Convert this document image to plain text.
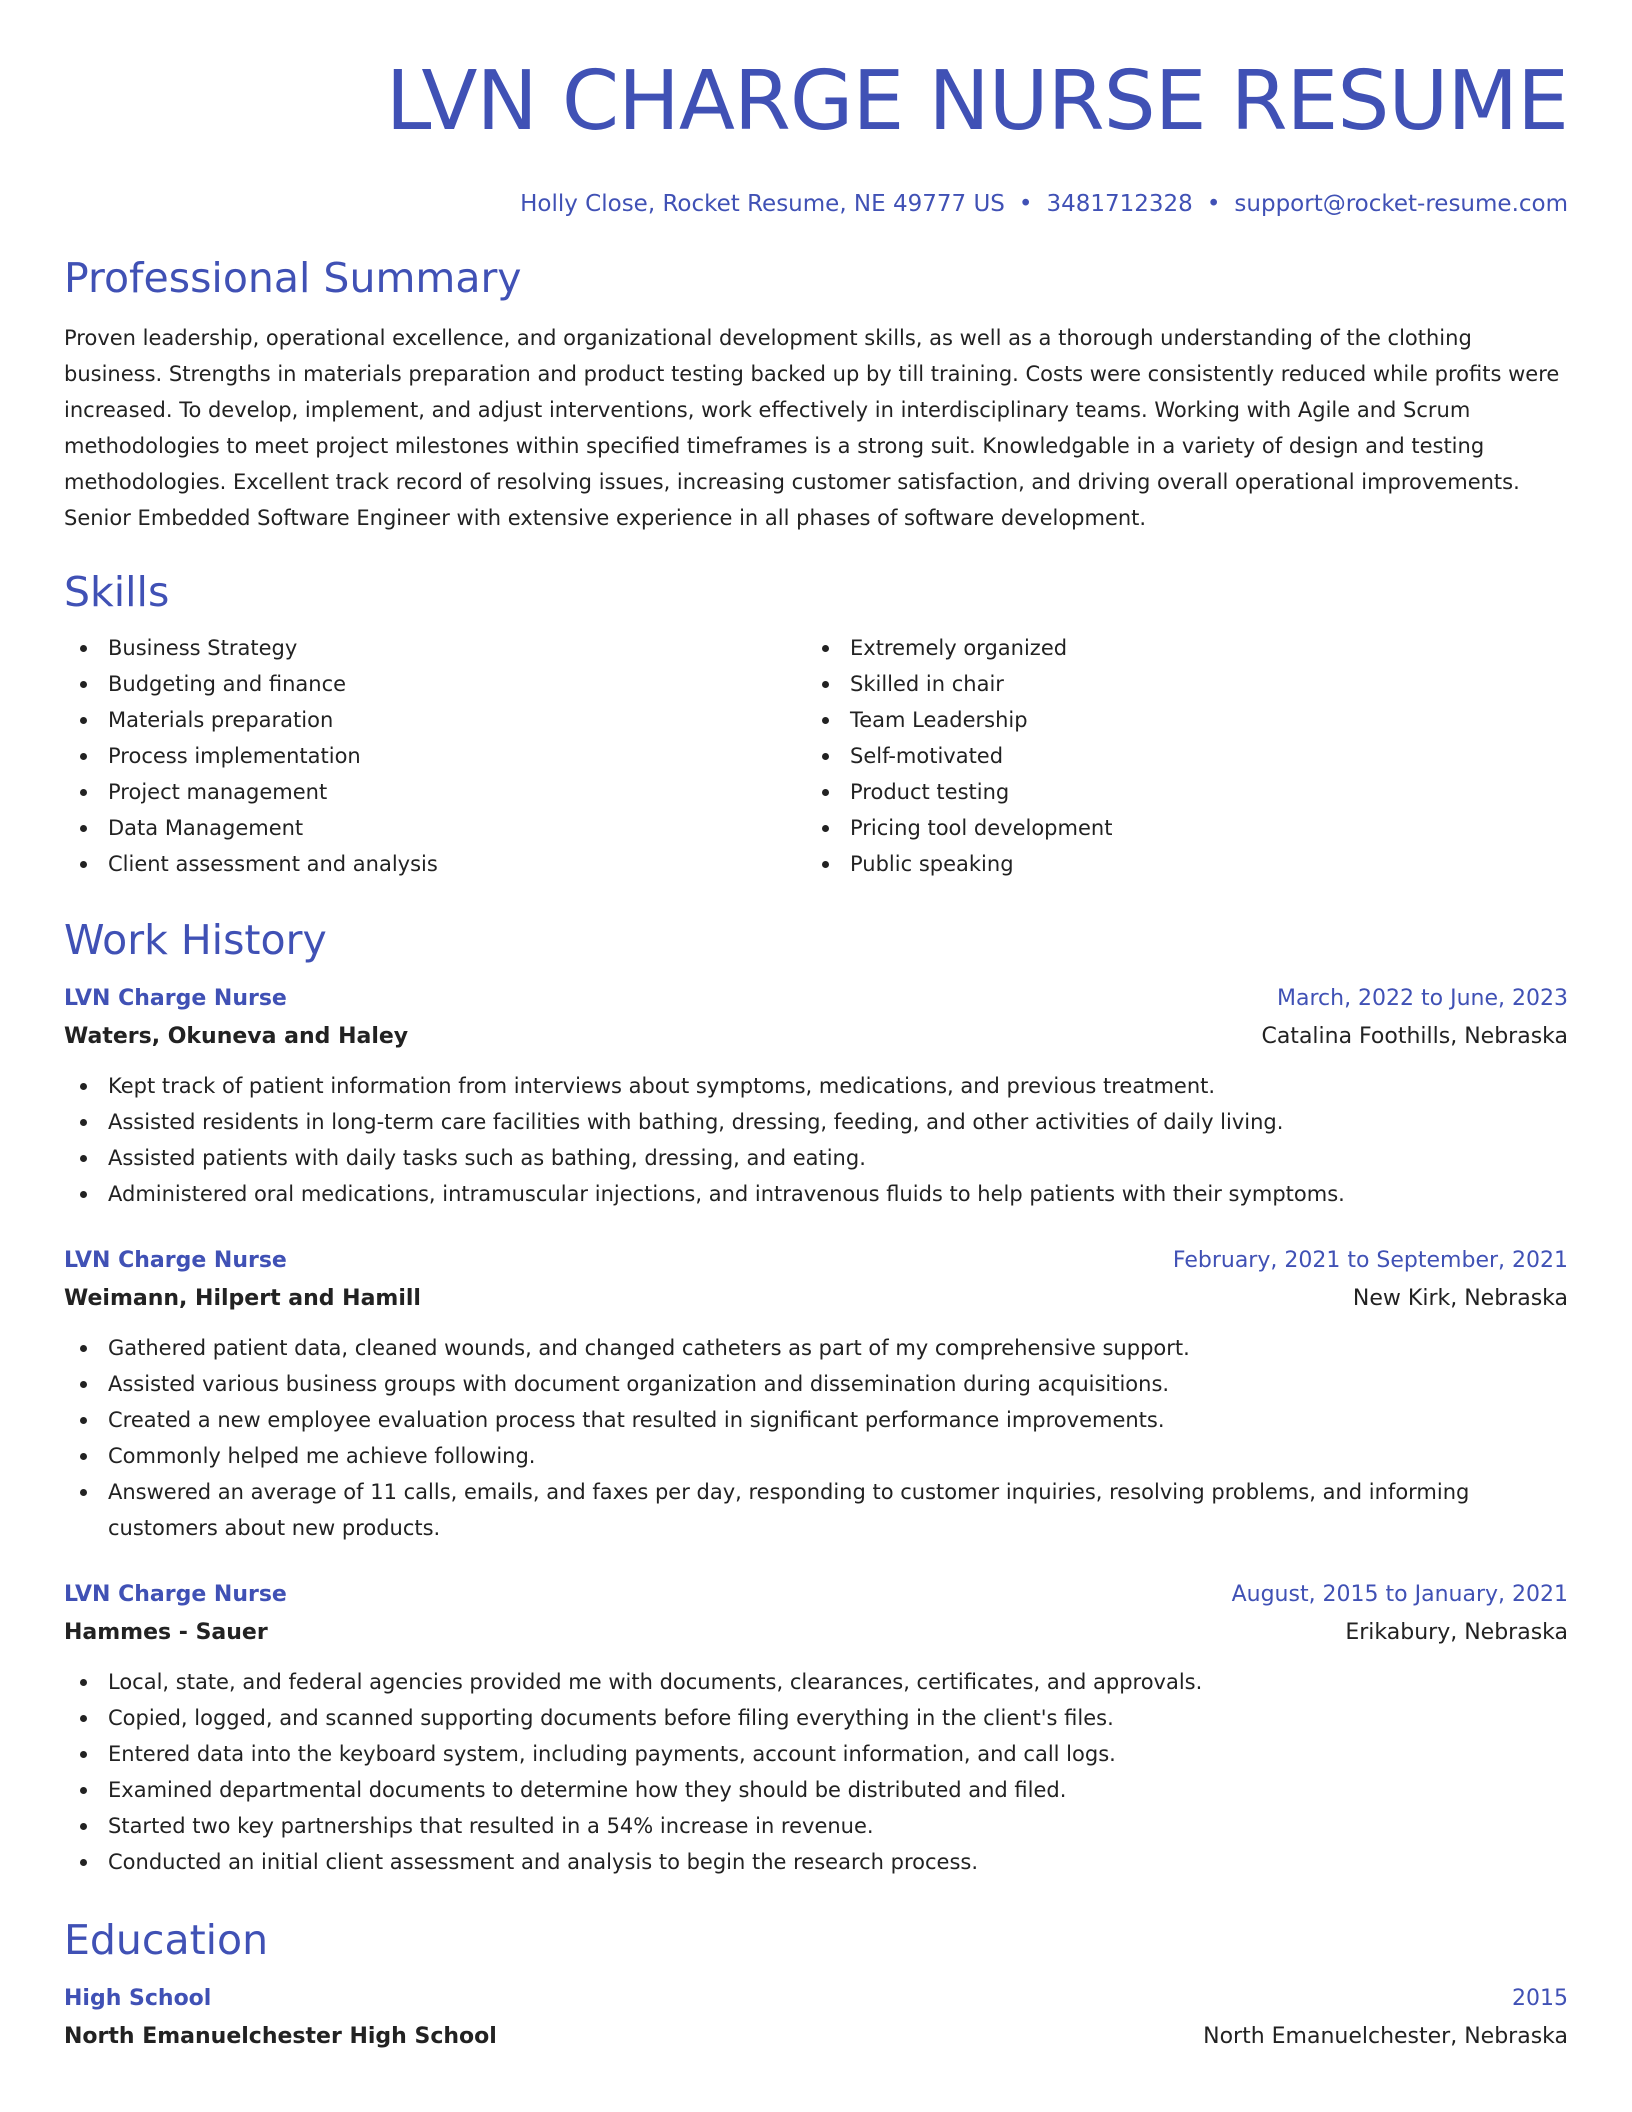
LVN CHARGE NURSE RESUME
Holly Close, Rocket Resume, NE 49777 US • 3481712328 • support@rocket-resume.com
Professional Summary
Proven leadership, operational excellence, and organizational development skills, as well as a thorough understanding of the clothing business. Strengths in materials preparation and product testing backed up by till training. Costs were consistently reduced while profits were increased. To develop, implement, and adjust interventions, work effectively in interdisciplinary teams. Working with Agile and Scrum methodologies to meet project milestones within specified timeframes is a strong suit. Knowledgable in a variety of design and testing methodologies. Excellent track record of resolving issues, increasing customer satisfaction, and driving overall operational improvements. Senior Embedded Software Engineer with extensive experience in all phases of software development.
Skills
Business Strategy
Budgeting and finance
Materials preparation
Process implementation
Project management
Data Management
Client assessment and analysis
Extremely organized
Skilled in chair
Team Leadership
Self-motivated
Product testing
Pricing tool development
Public speaking
Work History
LVN Charge Nurse	March, 2022 to June, 2023
Waters, Okuneva and Haley	Catalina Foothills, Nebraska
Kept track of patient information from interviews about symptoms, medications, and previous treatment.
Assisted residents in long-term care facilities with bathing, dressing, feeding, and other activities of daily living.
Assisted patients with daily tasks such as bathing, dressing, and eating.
Administered oral medications, intramuscular injections, and intravenous fluids to help patients with their symptoms.
LVN Charge Nurse	February, 2021 to September, 2021
Weimann, Hilpert and Hamill	New Kirk, Nebraska
Gathered patient data, cleaned wounds, and changed catheters as part of my comprehensive support.
Assisted various business groups with document organization and dissemination during acquisitions.
Created a new employee evaluation process that resulted in significant performance improvements.
Commonly helped me achieve following.
Answered an average of 11 calls, emails, and faxes per day, responding to customer inquiries, resolving problems, and informing customers about new products.
LVN Charge Nurse	August, 2015 to January, 2021
Hammes - Sauer	Erikabury, Nebraska
Local, state, and federal agencies provided me with documents, clearances, certificates, and approvals.
Copied, logged, and scanned supporting documents before filing everything in the client's files.
Entered data into the keyboard system, including payments, account information, and call logs.
Examined departmental documents to determine how they should be distributed and filed.
Started two key partnerships that resulted in a 54% increase in revenue.
Conducted an initial client assessment and analysis to begin the research process.
Education
High School	2015
North Emanuelchester High School	North Emanuelchester, Nebraska
